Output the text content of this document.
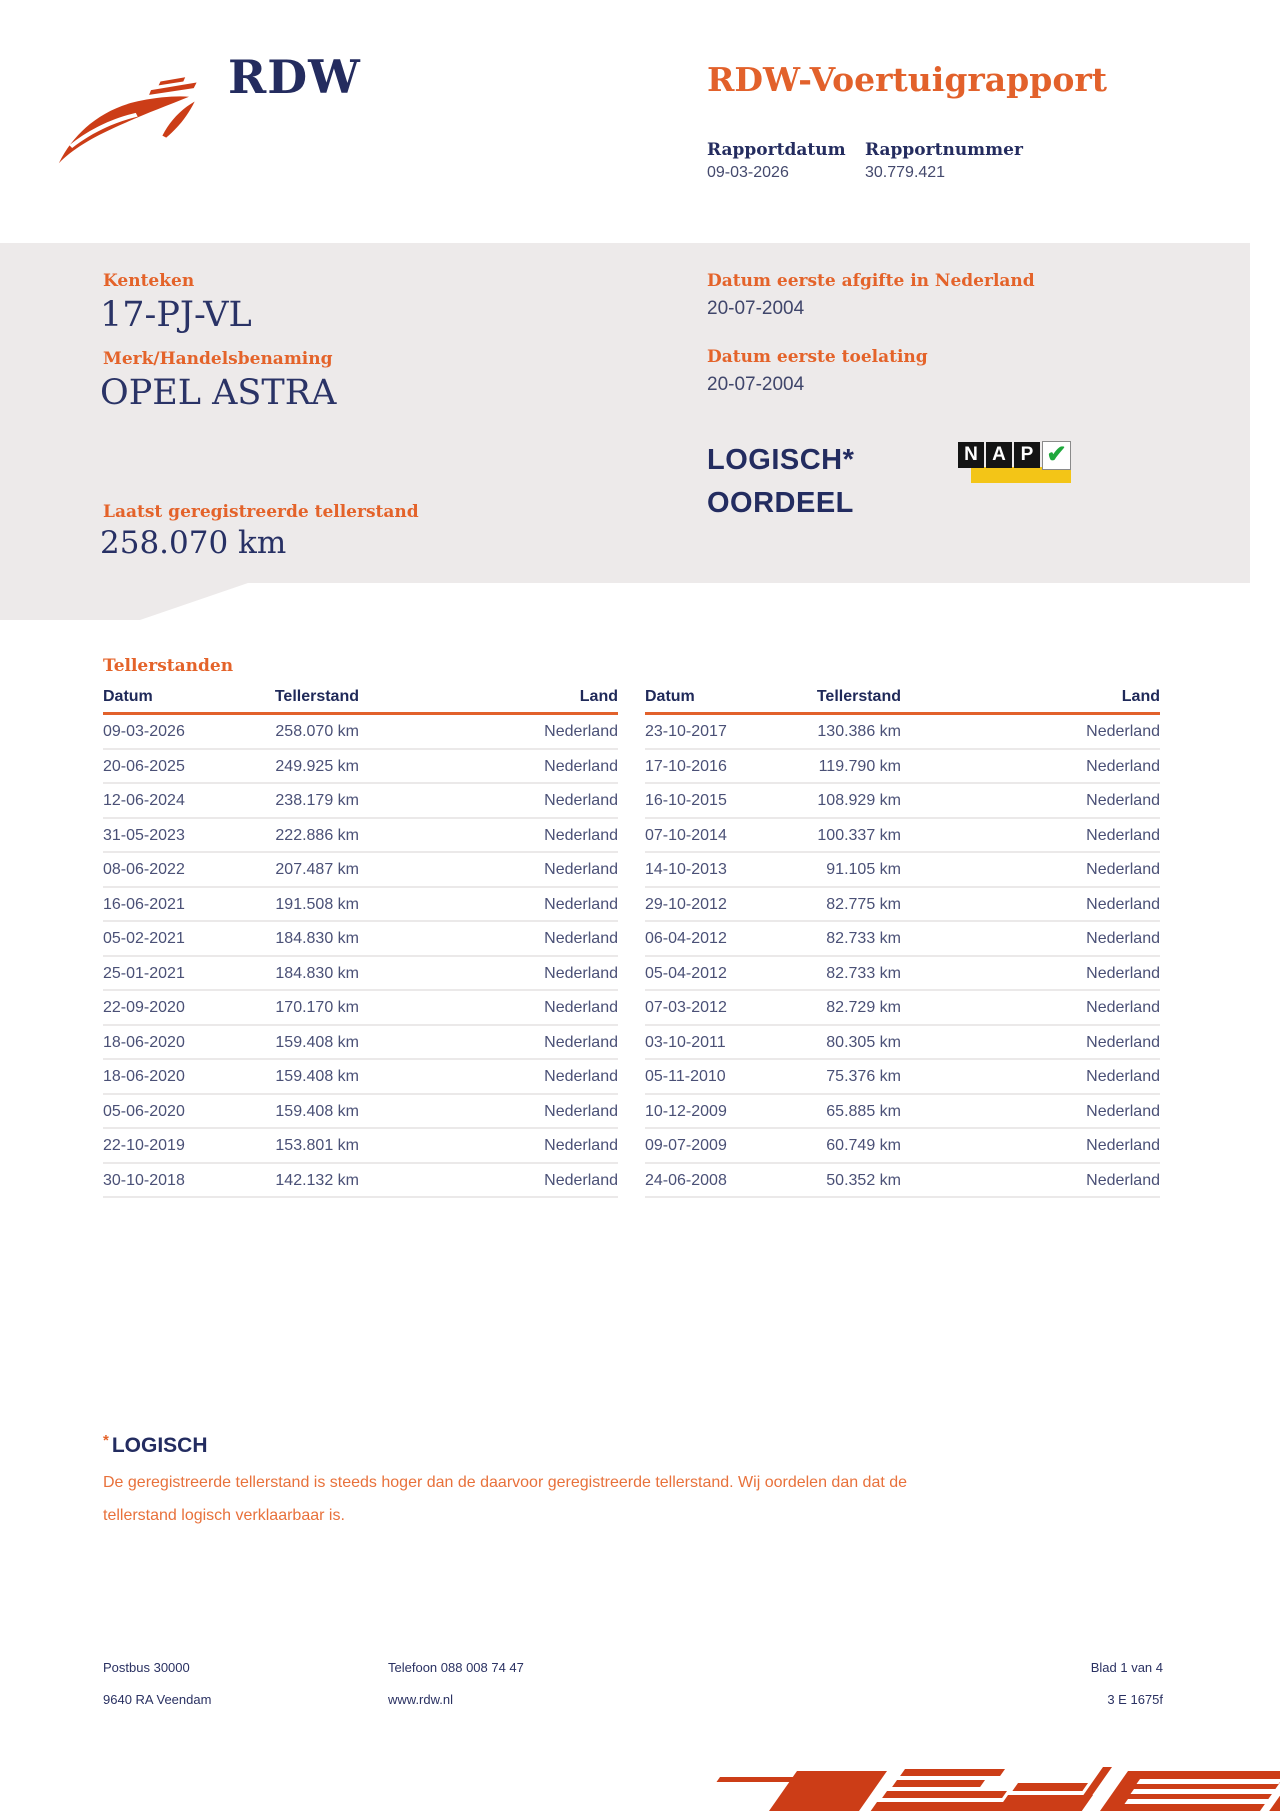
RDW	RDW-Voertuigrapport
Rapportdatum Rapportnummer
09-03-2026	30.779.421
Kenteken
17-PJ-VL
Merk/Handelsbenaming
OPEL ASTRA
Laatst geregistreerde tellerstand
258.070 km
Datum eerste afgifte in Nederland
20-07-2004
Datum eerste toelating
20-07-2004
LOGISCH*
OORDEEL
N A P ✔
Tellerstanden
Datum	Tellerstand	Land
09-03-2026	258.070 km	Nederland
20-06-2025	249.925 km	Nederland
12-06-2024	238.179 km	Nederland
31-05-2023	222.886 km	Nederland
08-06-2022	207.487 km	Nederland
16-06-2021	191.508 km	Nederland
05-02-2021	184.830 km	Nederland
25-01-2021	184.830 km	Nederland
22-09-2020	170.170 km	Nederland
18-06-2020	159.408 km	Nederland
18-06-2020	159.408 km	Nederland
05-06-2020	159.408 km	Nederland
22-10-2019	153.801 km	Nederland
30-10-2018	142.132 km	Nederland
Datum	Tellerstand	Land
23-10-2017	130.386 km	Nederland
17-10-2016	119.790 km	Nederland
16-10-2015	108.929 km	Nederland
07-10-2014	100.337 km	Nederland
14-10-2013	91.105 km	Nederland
29-10-2012	82.775 km	Nederland
06-04-2012	82.733 km	Nederland
05-04-2012	82.733 km	Nederland
07-03-2012	82.729 km	Nederland
03-10-2011	80.305 km	Nederland
05-11-2010	75.376 km	Nederland
10-12-2009	65.885 km	Nederland
09-07-2009	60.749 km	Nederland
24-06-2008	50.352 km	Nederland
* LOGISCH
De geregistreerde tellerstand is steeds hoger dan de daarvoor geregistreerde tellerstand. Wij oordelen dan dat de tellerstand logisch verklaarbaar is.
Postbus 30000
9640 RA Veendam
Telefoon 088 008 74 47
www.rdw.nl
Blad 1 van 4
3 E 1675f
